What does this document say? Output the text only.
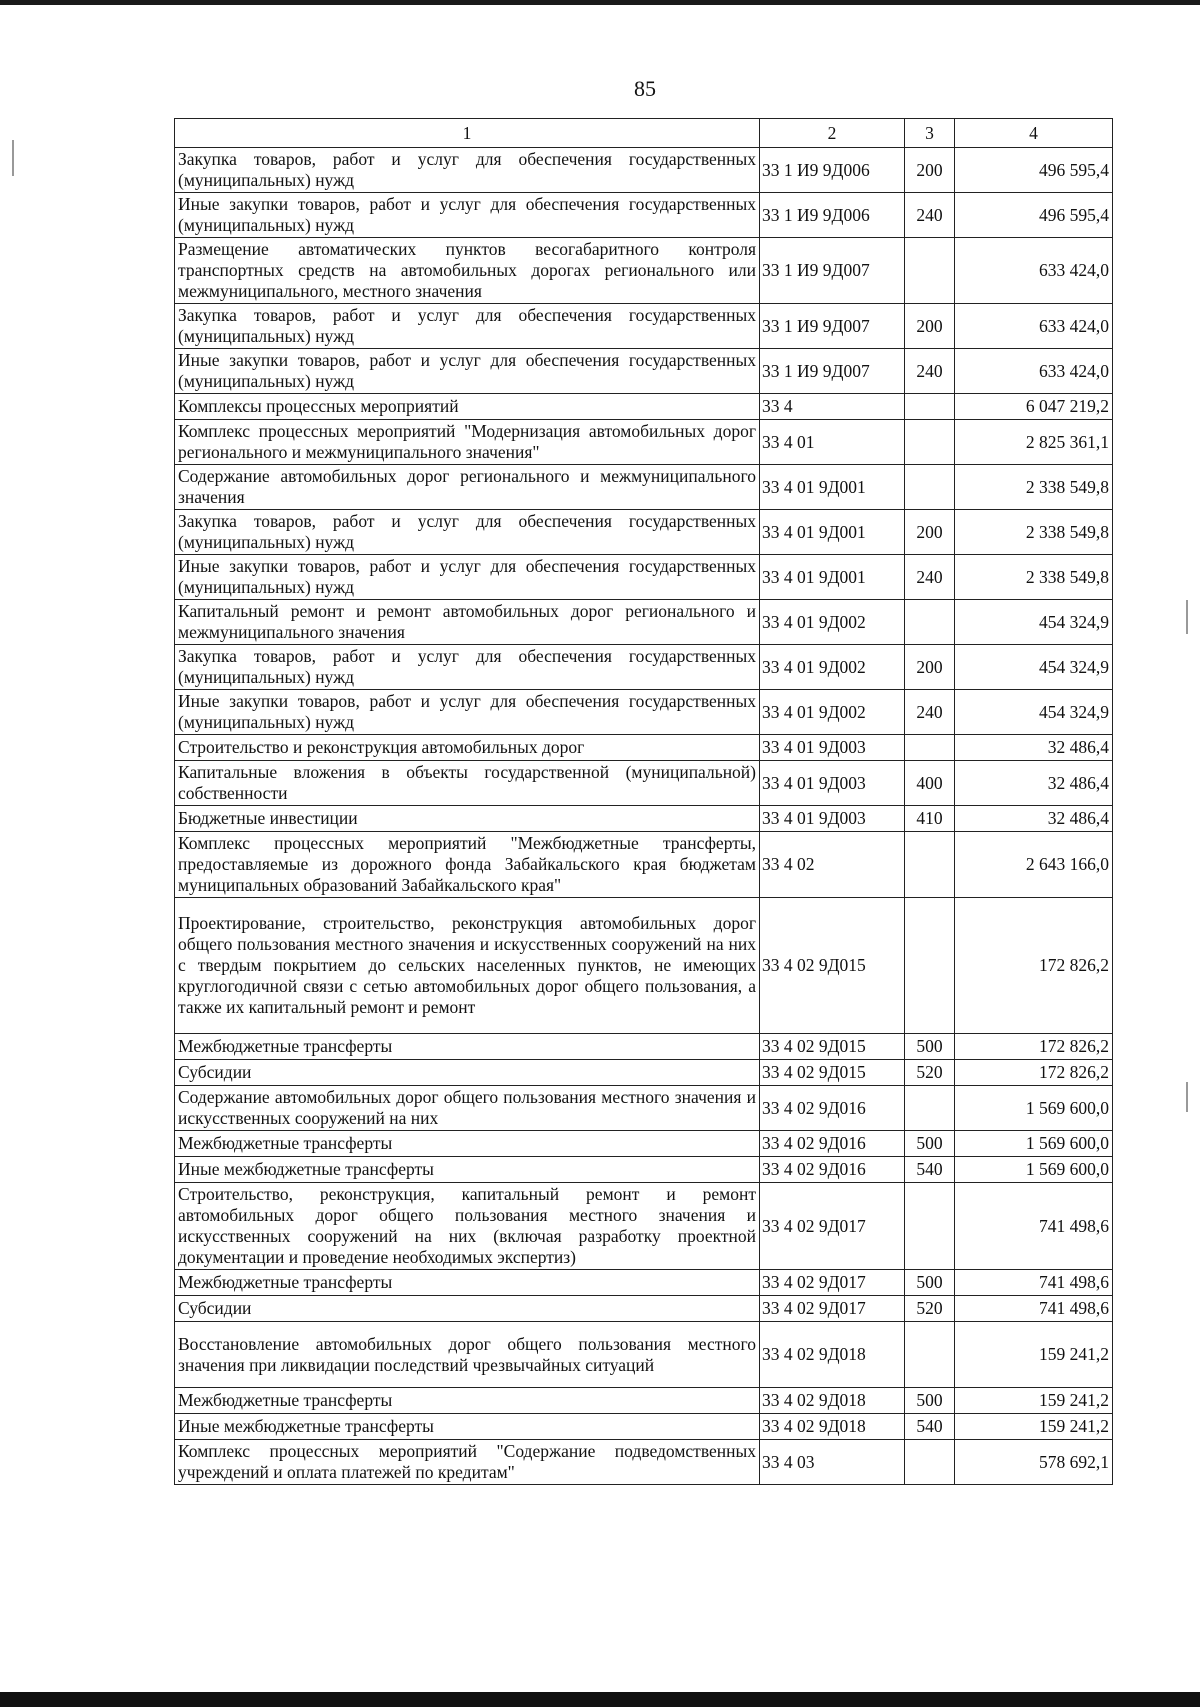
85
1	2	3	4
Закупка товаров, работ и услуг для обеспечения государственных (муниципальных) нужд	33 1 И9 9Д006	200	496 595,4
Иные закупки товаров, работ и услуг для обеспечения государственных (муниципальных) нужд	33 1 И9 9Д006	240	496 595,4
Размещение автоматических пунктов весогабаритного контроля транспортных средств на автомобильных дорогах регионального или межмуниципального, местного значения	33 1 И9 9Д007		633 424,0
Закупка товаров, работ и услуг для обеспечения государственных (муниципальных) нужд	33 1 И9 9Д007	200	633 424,0
Иные закупки товаров, работ и услуг для обеспечения государственных (муниципальных) нужд	33 1 И9 9Д007	240	633 424,0
Комплексы процессных мероприятий	33 4		6 047 219,2
Комплекс процессных мероприятий "Модернизация автомобильных дорог регионального и межмуниципального значения"	33 4 01		2 825 361,1
Содержание автомобильных дорог регионального и межмуниципального значения	33 4 01 9Д001		2 338 549,8
Закупка товаров, работ и услуг для обеспечения государственных (муниципальных) нужд	33 4 01 9Д001	200	2 338 549,8
Иные закупки товаров, работ и услуг для обеспечения государственных (муниципальных) нужд	33 4 01 9Д001	240	2 338 549,8
Капитальный ремонт и ремонт автомобильных дорог регионального и межмуниципального значения	33 4 01 9Д002		454 324,9
Закупка товаров, работ и услуг для обеспечения государственных (муниципальных) нужд	33 4 01 9Д002	200	454 324,9
Иные закупки товаров, работ и услуг для обеспечения государственных (муниципальных) нужд	33 4 01 9Д002	240	454 324,9
Строительство и реконструкция автомобильных дорог	33 4 01 9Д003		32 486,4
Капитальные вложения в объекты государственной (муниципальной) собственности	33 4 01 9Д003	400	32 486,4
Бюджетные инвестиции	33 4 01 9Д003	410	32 486,4
Комплекс процессных мероприятий "Межбюджетные трансферты, предоставляемые из дорожного фонда Забайкальского края бюджетам муниципальных образований Забайкальского края"	33 4 02		2 643 166,0
Проектирование, строительство, реконструкция автомобильных дорог общего пользования местного значения и искусственных сооружений на них с твердым покрытием до сельских населенных пунктов, не имеющих круглогодичной связи с сетью автомобильных дорог общего пользования, а также их капитальный ремонт и ремонт	33 4 02 9Д015		172 826,2
Межбюджетные трансферты	33 4 02 9Д015	500	172 826,2
Субсидии	33 4 02 9Д015	520	172 826,2
Содержание автомобильных дорог общего пользования местного значения и искусственных сооружений на них	33 4 02 9Д016		1 569 600,0
Межбюджетные трансферты	33 4 02 9Д016	500	1 569 600,0
Иные межбюджетные трансферты	33 4 02 9Д016	540	1 569 600,0
Строительство, реконструкция, капитальный ремонт и ремонт автомобильных дорог общего пользования местного значения и искусственных сооружений на них (включая разработку проектной документации и проведение необходимых экспертиз)	33 4 02 9Д017		741 498,6
Межбюджетные трансферты	33 4 02 9Д017	500	741 498,6
Субсидии	33 4 02 9Д017	520	741 498,6
Восстановление автомобильных дорог общего пользования местного значения при ликвидации последствий чрезвычайных ситуаций	33 4 02 9Д018		159 241,2
Межбюджетные трансферты	33 4 02 9Д018	500	159 241,2
Иные межбюджетные трансферты	33 4 02 9Д018	540	159 241,2
Комплекс процессных мероприятий "Содержание подведомственных учреждений и оплата платежей по кредитам"	33 4 03		578 692,1
